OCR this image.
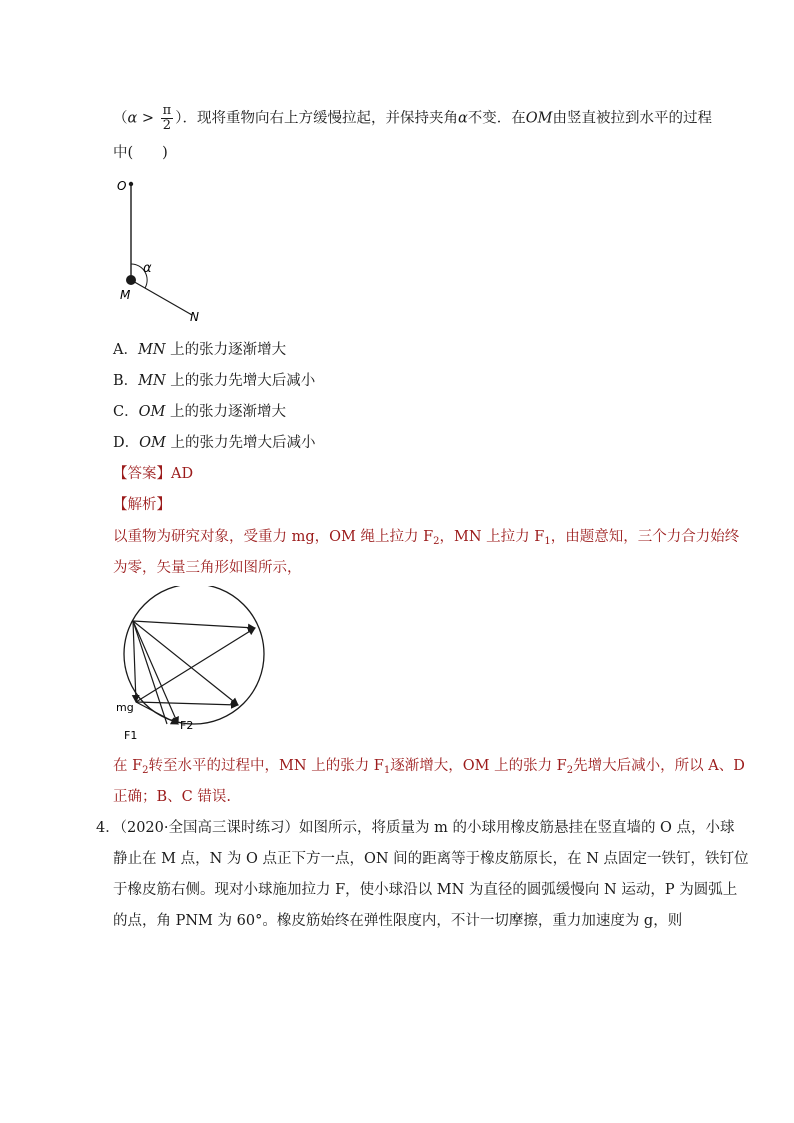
（$\alpha > \frac{\pi}{2}$ ）．现将重物向右上方缓慢拉起，并保持夹角α不变．在OM由竖直被拉到水平的过程
中(　　)
O
M
N
α
A．MN 上的张力逐渐增大
B．MN 上的张力先增大后减小
C．OM 上的张力逐渐增大
D．OM 上的张力先增大后减小
【答案】AD
【解析】
以重物为研究对象，受重力 mg，OM 绳上拉力 $F_2$，MN 上拉力 $F_1$，由题意知，三个力合力始终
为零，矢量三角形如图所示，
mg
F1
F2
在 $F_2$转至水平的过程中，MN 上的张力 $F_1$逐渐增大，OM 上的张力 $F_2$先增大后减小，所以 A、D
正确；B、C 错误.
4．（2020·全国高三课时练习）如图所示，将质量为 m 的小球用橡皮筋悬挂在竖直墙的 O 点，小球
静止在 M 点，N 为 O 点正下方一点，ON 间的距离等于橡皮筋原长，在 N 点固定一铁钉，铁钉位
于橡皮筋右侧。现对小球施加拉力 F，使小球沿以 MN 为直径的圆弧缓慢向 N 运动，P 为圆弧上
的点，角 PNM 为 60°。橡皮筋始终在弹性限度内，不计一切摩擦，重力加速度为 g，则
